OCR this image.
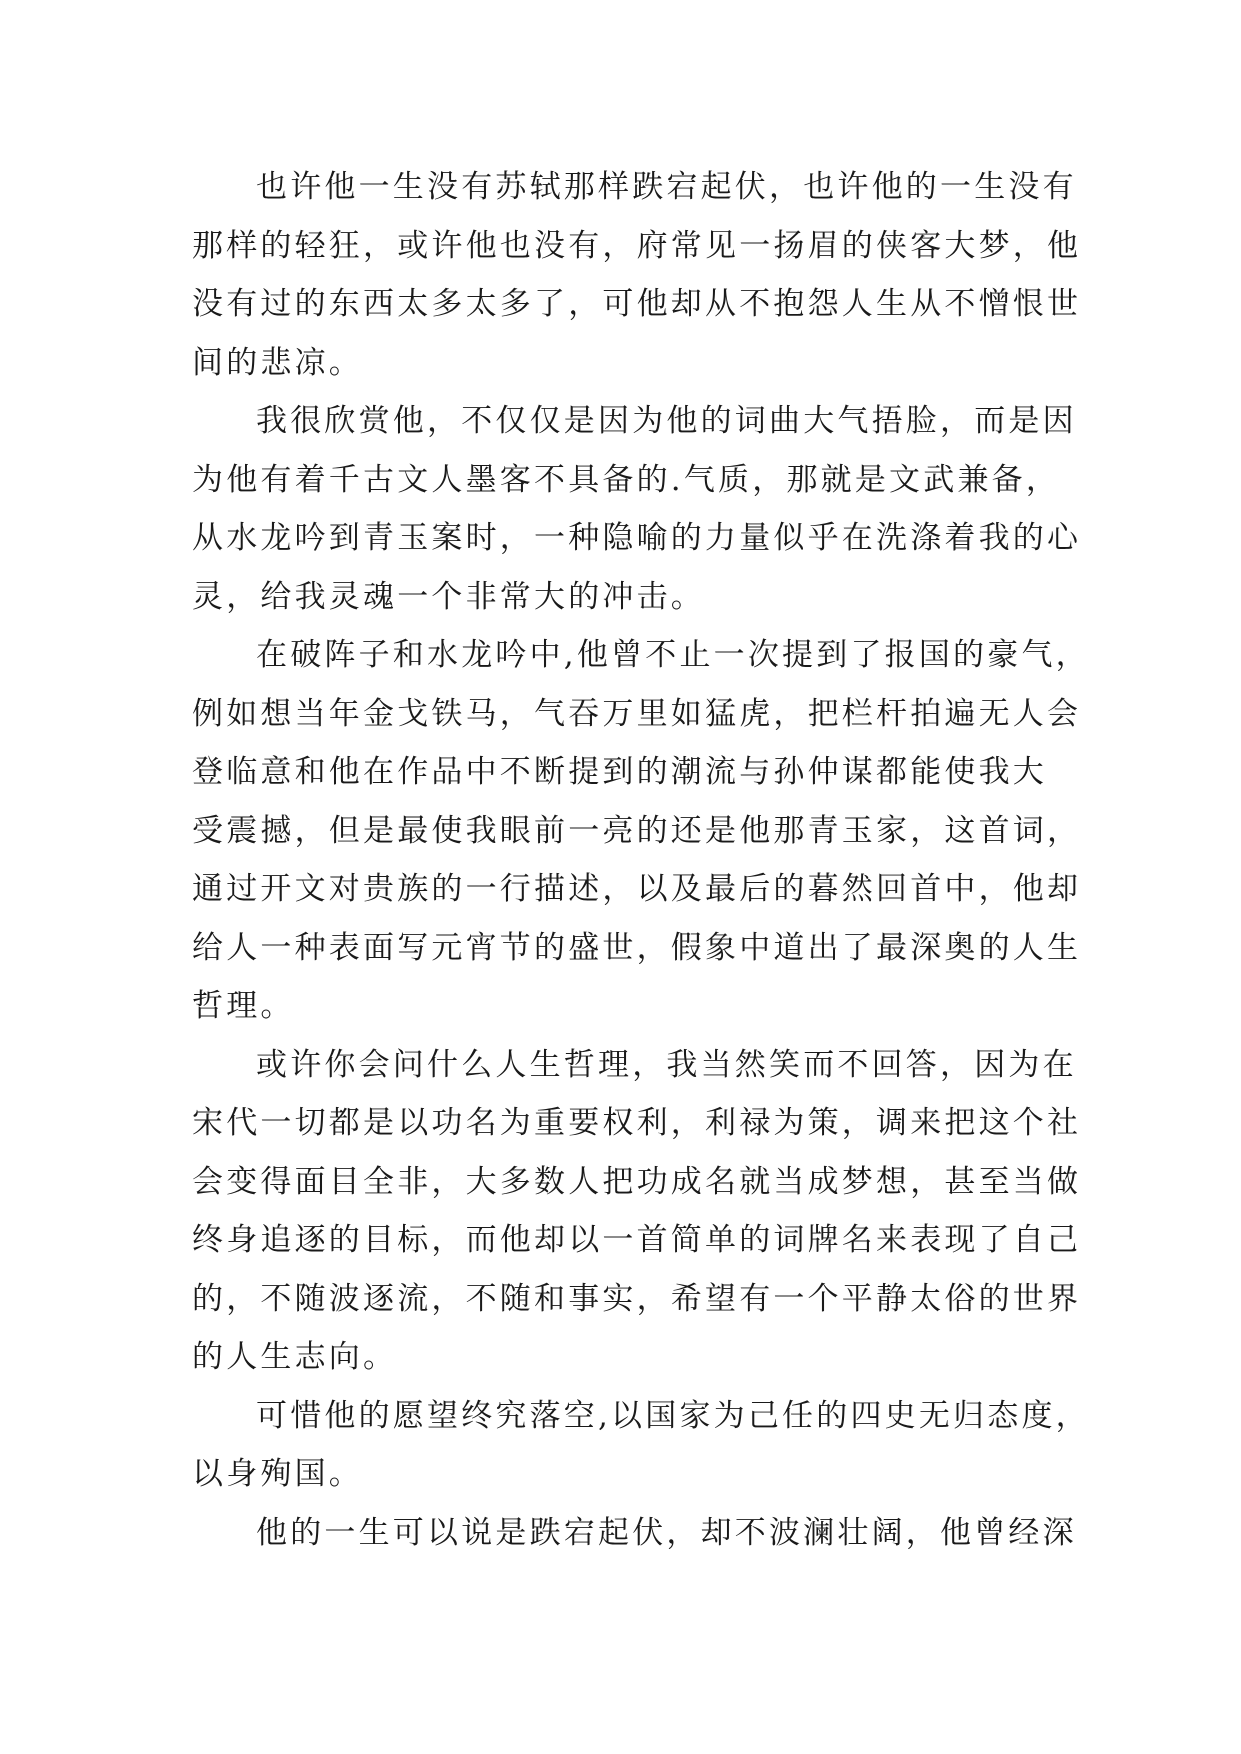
也许他一生没有苏轼那样跌宕起伏，也许他的一生没有
那样的轻狂，或许他也没有，府常见一扬眉的侠客大梦，他
没有过的东西太多太多了，可他却从不抱怨人生从不憎恨世
间的悲凉。
我很欣赏他，不仅仅是因为他的词曲大气捂脸，而是因
为他有着千古文人墨客不具备的.气质，那就是文武兼备，
从水龙吟到青玉案时，一种隐喻的力量似乎在洗涤着我的心
灵，给我灵魂一个非常大的冲击。
在破阵子和水龙吟中,他曾不止一次提到了报国的豪气，
例如想当年金戈铁马，气吞万里如猛虎，把栏杆拍遍无人会
登临意和他在作品中不断提到的潮流与孙仲谋都能使我大
受震撼，但是最使我眼前一亮的还是他那青玉家，这首词，
通过开文对贵族的一行描述，以及最后的暮然回首中，他却
给人一种表面写元宵节的盛世，假象中道出了最深奥的人生
哲理。
或许你会问什么人生哲理，我当然笑而不回答，因为在
宋代一切都是以功名为重要权利，利禄为策，调来把这个社
会变得面目全非，大多数人把功成名就当成梦想，甚至当做
终身追逐的目标，而他却以一首简单的词牌名来表现了自己
的，不随波逐流，不随和事实，希望有一个平静太俗的世界
的人生志向。
可惜他的愿望终究落空,以国家为己任的四史无归态度，
以身殉国。
他的一生可以说是跌宕起伏，却不波澜壮阔，他曾经深
